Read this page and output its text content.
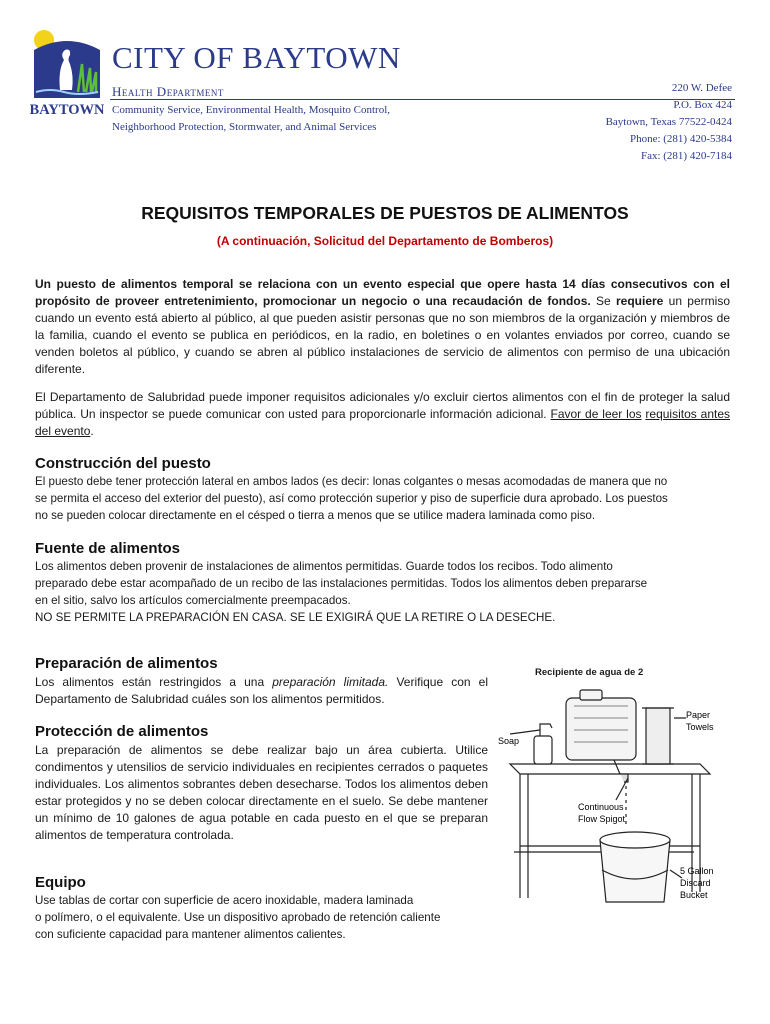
BAYTOWN
CITY OF BAYTOWN
Health Department
Community Service, Environmental Health, Mosquito Control,
Neighborhood Protection, Stormwater, and Animal Services
220 W. Defee
P.O. Box 424
Baytown, Texas 77522-0424
Phone: (281) 420-5384
Fax: (281) 420-7184
REQUISITOS TEMPORALES DE PUESTOS DE ALIMENTOS
(A continuación, Solicitud del Departamento de Bomberos)
Un puesto de alimentos temporal se relaciona con un evento especial que opere hasta 14 días consecutivos con el propósito de proveer entretenimiento, promocionar un negocio o una recaudación de fondos. Se requiere un permiso cuando un evento está abierto al público, al que pueden asistir personas que no son miembros de la organización y miembros de la familia, cuando el evento se publica en periódicos, en la radio, en boletines o en volantes enviados por correo, cuando se venden boletos al público, y cuando se abren al público instalaciones de servicio de alimentos con permiso de una ubicación diferente.
El Departamento de Salubridad puede imponer requisitos adicionales y/o excluir ciertos alimentos con el fin de proteger la salud pública. Un inspector se puede comunicar con usted para proporcionarle información adicional. Favor de leer los requisitos antes del evento.
Construcción del puesto
El puesto debe tener protección lateral en ambos lados (es decir: lonas colgantes o mesas acomodadas de manera que no
se permita el acceso del exterior del puesto), así como protección superior y piso de superficie dura aprobado. Los puestos
no se pueden colocar directamente en el césped o tierra a menos que se utilice madera laminada como piso.
Fuente de alimentos
Los alimentos deben provenir de instalaciones de alimentos permitidas. Guarde todos los recibos. Todo alimento
preparado debe estar acompañado de un recibo de las instalaciones permitidas. Todos los alimentos deben prepararse
en el sitio, salvo los artículos comercialmente preempacados.
NO SE PERMITE LA PREPARACIÓN EN CASA. SE LE EXIGIRÁ QUE LA RETIRE O LA DESECHE.
Preparación de alimentos
Los alimentos están restringidos a una preparación limitada. Verifique con el Departamento de Salubridad cuáles son los alimentos permitidos.
Protección de alimentos
La preparación de alimentos se debe realizar bajo un área cubierta. Utilice condimentos y utensilios de servicio individuales en recipientes cerrados o paquetes individuales. Los alimentos sobrantes deben desecharse. Todos los alimentos deben estar protegidos y no se deben colocar directamente en el suelo. Se debe mantener un mínimo de 10 galones de agua potable en cada puesto en el que se preparan alimentos de temperatura controlada.
Equipo
Use tablas de cortar con superficie de acero inoxidable, madera laminada
o polímero, o el equivalente. Use un dispositivo aprobado de retención caliente
con suficiente capacidad para mantener alimentos calientes.
Recipiente de agua de 2
Soap
Paper
Towels
Continuous
Flow Spigot
5 Gallon
Discard
Bucket
